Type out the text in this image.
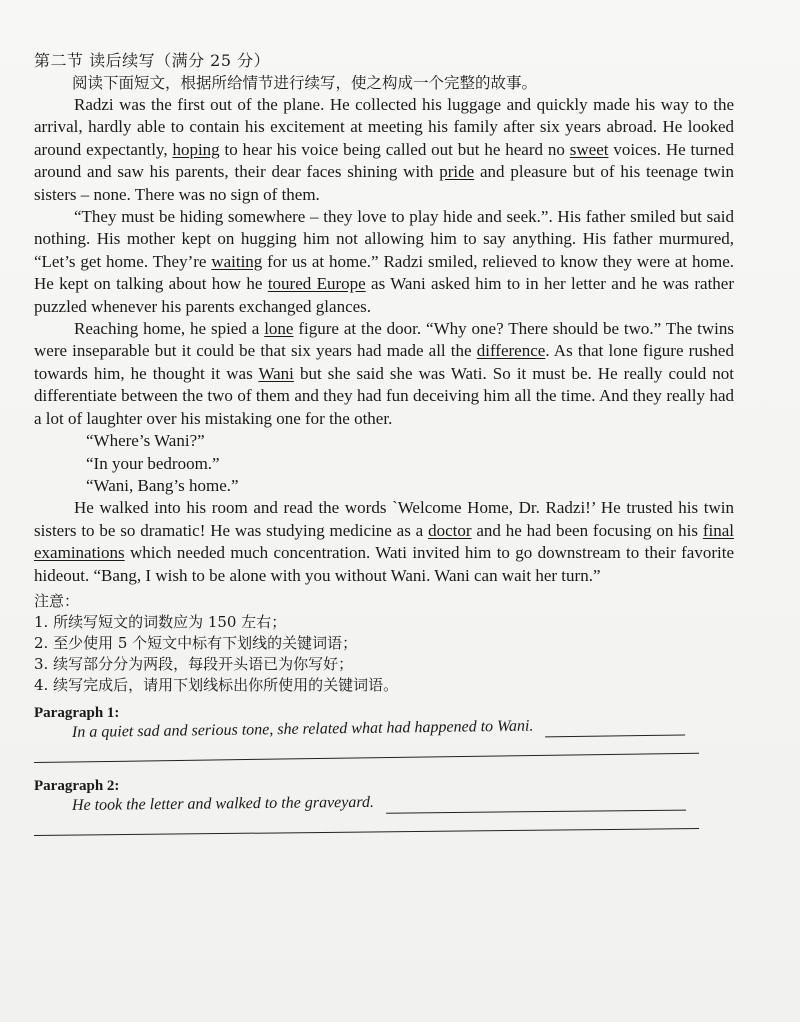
第二节 读后续写（满分 25 分）

阅读下面短文，根据所给情节进行续写，使之构成一个完整的故事。

Radzi was the first out of the plane. He collected his luggage and quickly made his way to the arrival, hardly able to contain his excitement at meeting his family after six years abroad. He looked around expectantly, hoping to hear his voice being called out but he heard no sweet voices. He turned around and saw his parents, their dear faces shining with pride and pleasure but of his teenage twin sisters – none. There was no sign of them.

“They must be hiding somewhere – they love to play hide and seek.”. His father smiled but said nothing. His mother kept on hugging him not allowing him to say anything. His father murmured, “Let’s get home. They’re waiting for us at home.” Radzi smiled, relieved to know they were at home. He kept on talking about how he toured Europe as Wani asked him to in her letter and he was rather puzzled whenever his parents exchanged glances.

Reaching home, he spied a lone figure at the door. “Why one? There should be two.” The twins were inseparable but it could be that six years had made all the difference. As that lone figure rushed towards him, he thought it was Wani but she said she was Wati. So it must be. He really could not differentiate between the two of them and they had fun deceiving him all the time. And they really had a lot of laughter over his mistaking one for the other.

“Where’s Wani?”

“In your bedroom.”

“Wani, Bang’s home.”

He walked into his room and read the words `Welcome Home, Dr. Radzi!’ He trusted his twin sisters to be so dramatic! He was studying medicine as a doctor and he had been focusing on his final examinations which needed much concentration. Wati invited him to go downstream to their favorite hideout. “Bang, I wish to be alone with you without Wani. Wani can wait her turn.”

注意：

1. 所续写短文的词数应为 150 左右；
2. 至少使用 5 个短文中标有下划线的关键词语；
3. 续写部分分为两段，每段开头语已为你写好；
4. 续写完成后，请用下划线标出你所使用的关键词语。

Paragraph 1:

In a quiet sad and serious tone, she related what had happened to Wani.

Paragraph 2:

He took the letter and walked to the graveyard.
